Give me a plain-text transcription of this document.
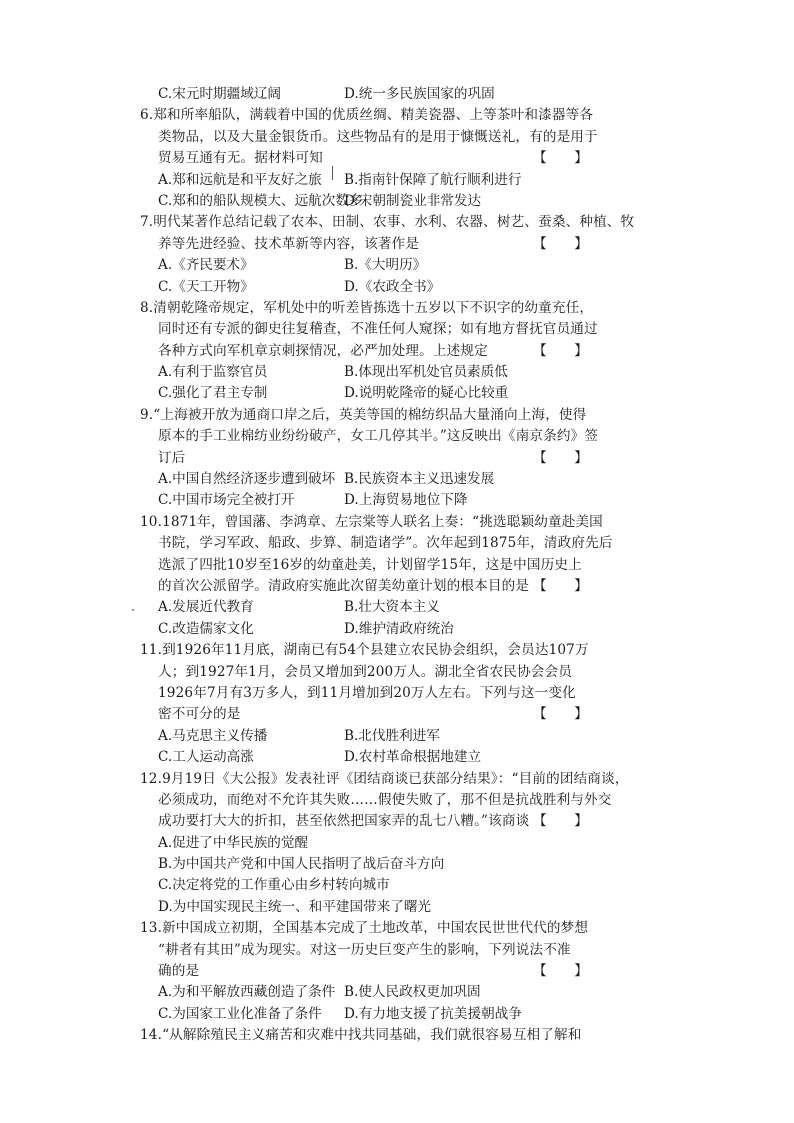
C.宋元时期疆域辽阔	D.统一多民族国家的巩固
6.郑和所率船队，满载着中国的优质丝绸、精美瓷器、上等茶叶和漆器等各
类物品，以及大量金银货币。这些物品有的是用于慷慨送礼，有的是用于
贸易互通有无。据材料可知	【　　】
A.郑和远航是和平友好之旅	B.指南针保障了航行顺利进行
C.郑和的船队规模大、远航次数多
D.宋朝制瓷业非常发达
7.明代某著作总结记载了农本、田制、农事、水利、农器、树艺、蚕桑、种植、牧
养等先进经验、技术革新等内容，该著作是	【　　】
A.《齐民要术》	B.《大明历》
C.《天工开物》	D.《农政全书》
8.清朝乾隆帝规定，军机处中的听差皆拣选十五岁以下不识字的幼童充任，
同时还有专派的御史往复稽查，不准任何人窥探；如有地方督抚官员通过
各种方式向军机章京刺探情况，必严加处理。上述规定	【　　】
A.有利于监察官员	B.体现出军机处官员素质低
C.强化了君主专制	D.说明乾隆帝的疑心比较重
9.“上海被开放为通商口岸之后，英美等国的棉纺织品大量涌向上海，使得
原本的手工业棉纺业纷纷破产，女工几停其半。”这反映出《南京条约》签
订后	【　　】
A.中国自然经济逐步遭到破坏 B.民族资本主义迅速发展
C.中国市场完全被打开	D.上海贸易地位下降
10.1871年，曾国藩、李鸿章、左宗棠等人联名上奏：“挑选聪颖幼童赴美国
书院，学习军政、船政、步算、制造诸学”。次年起到1875年，清政府先后
选派了四批10岁至16岁的幼童赴美，计划留学15年，这是中国历史上
的首次公派留学。清政府实施此次留美幼童计划的根本目的是 【　　】
A.发展近代教育	B.壮大资本主义
C.改造儒家文化	D.维护清政府统治
11.到1926年11月底，湖南已有54个县建立农民协会组织，会员达107万
人；到1927年1月，会员又增加到200万人。湖北全省农民协会会员
1926年7月有3万多人，到11月增加到20万人左右。下列与这一变化
密不可分的是	【　　】
A.马克思主义传播	B.北伐胜利进军
C.工人运动高涨	D.农村革命根据地建立
12.9月19日《大公报》发表社评《团结商谈已获部分结果》：“目前的团结商谈，
必须成功，而绝对不允许其失败……假使失败了，那不但是抗战胜利与外交
成功要打大大的折扣，甚至依然把国家弄的乱七八糟。”该商谈 【　　】
A.促进了中华民族的觉醒
B.为中国共产党和中国人民指明了战后奋斗方向
C.决定将党的工作重心由乡村转向城市
D.为中国实现民主统一、和平建国带来了曙光
13.新中国成立初期，全国基本完成了土地改革，中国农民世世代代的梦想
“耕者有其田”成为现实。对这一历史巨变产生的影响，下列说法不准
确的是	【　　】
A.为和平解放西藏创造了条件 B.使人民政权更加巩固
C.为国家工业化准备了条件	D.有力地支援了抗美援朝战争
14.“从解除殖民主义痛苦和灾难中找共同基础，我们就很容易互相了解和
